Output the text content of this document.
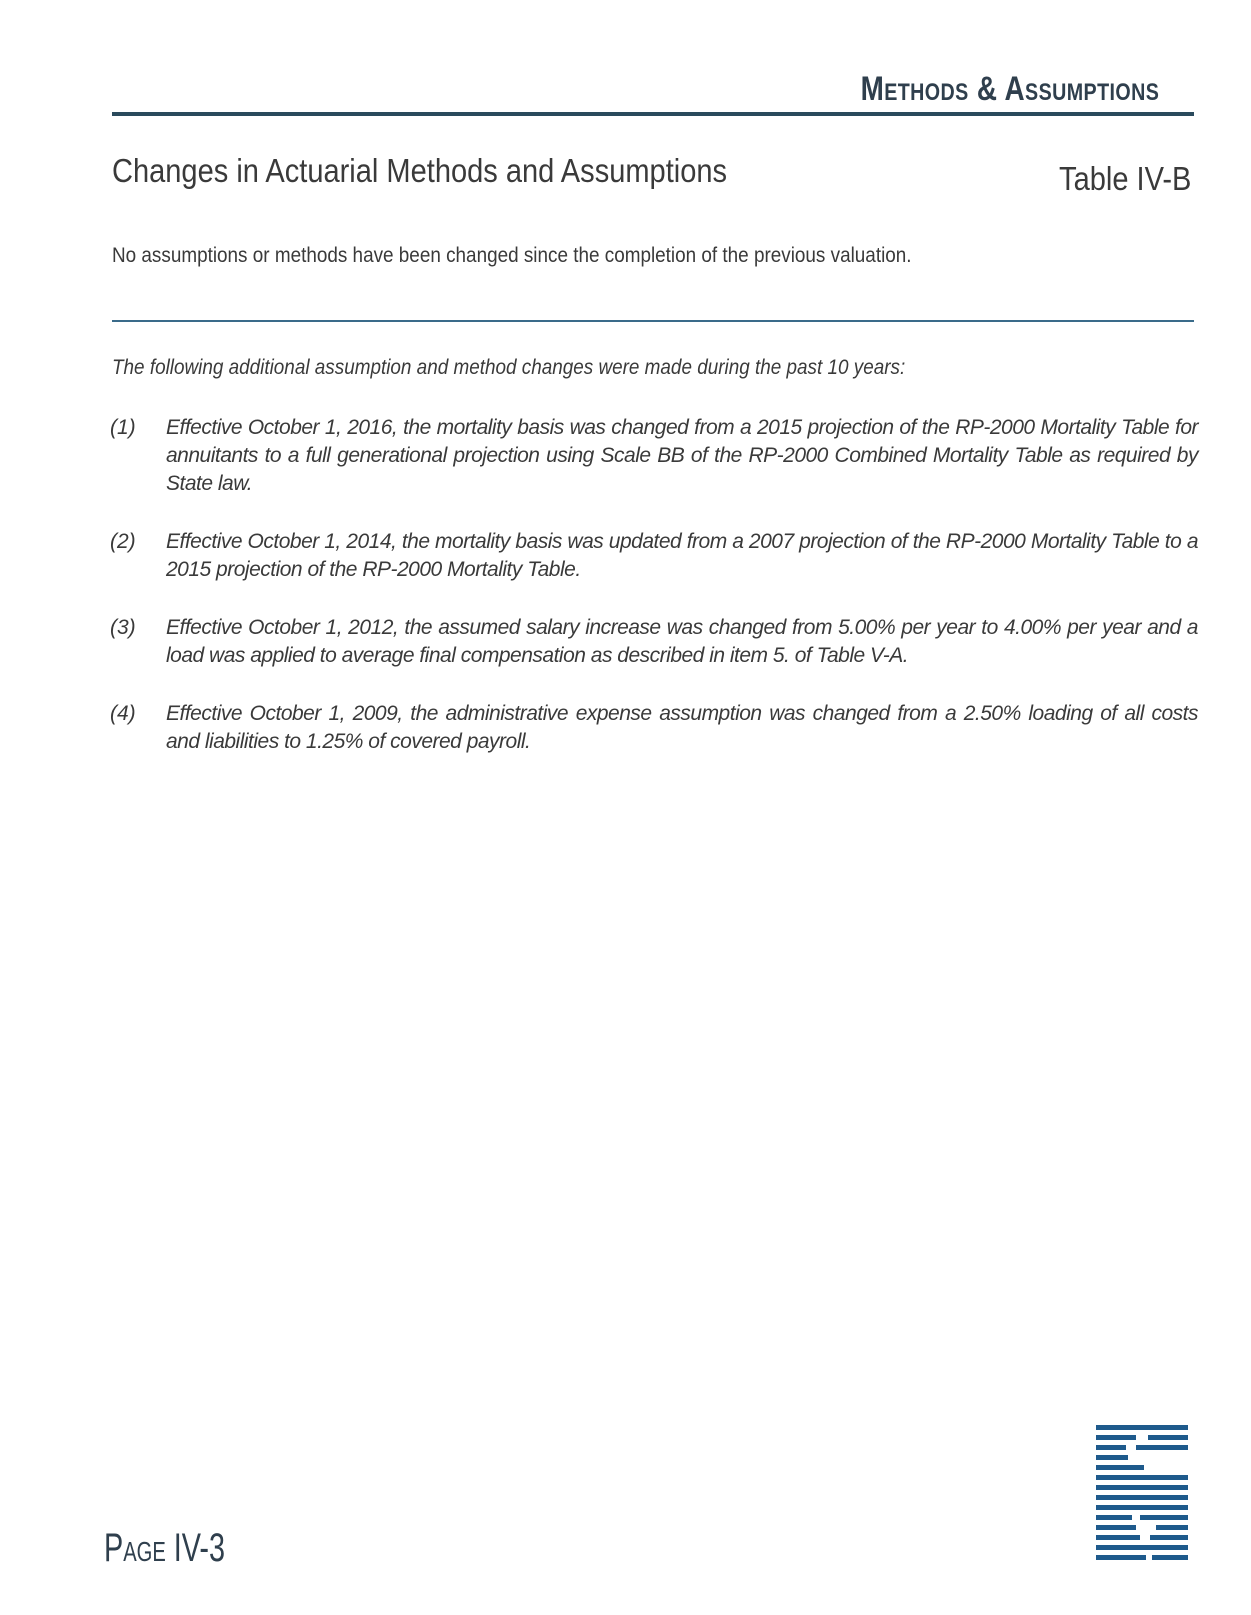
Methods & Assumptions
Changes in Actuarial Methods and Assumptions	Table IV-B
No assumptions or methods have been changed since the completion of the previous valuation.
The following additional assumption and method changes were made during the past 10 years:
(1) Effective October 1, 2016, the mortality basis was changed from a 2015 projection of the RP-2000 Mortality Table for annuitants to a full generational projection using Scale BB of the RP-2000 Combined Mortality Table as required by State law.
(2) Effective October 1, 2014, the mortality basis was updated from a 2007 projection of the RP-2000 Mortality Table to a 2015 projection of the RP-2000 Mortality Table.
(3) Effective October 1, 2012, the assumed salary increase was changed from 5.00% per year to 4.00% per year and a load was applied to average final compensation as described in item 5. of Table V-A.
(4) Effective October 1, 2009, the administrative expense assumption was changed from a 2.50% loading of all costs and liabilities to 1.25% of covered payroll.
Page IV-3
